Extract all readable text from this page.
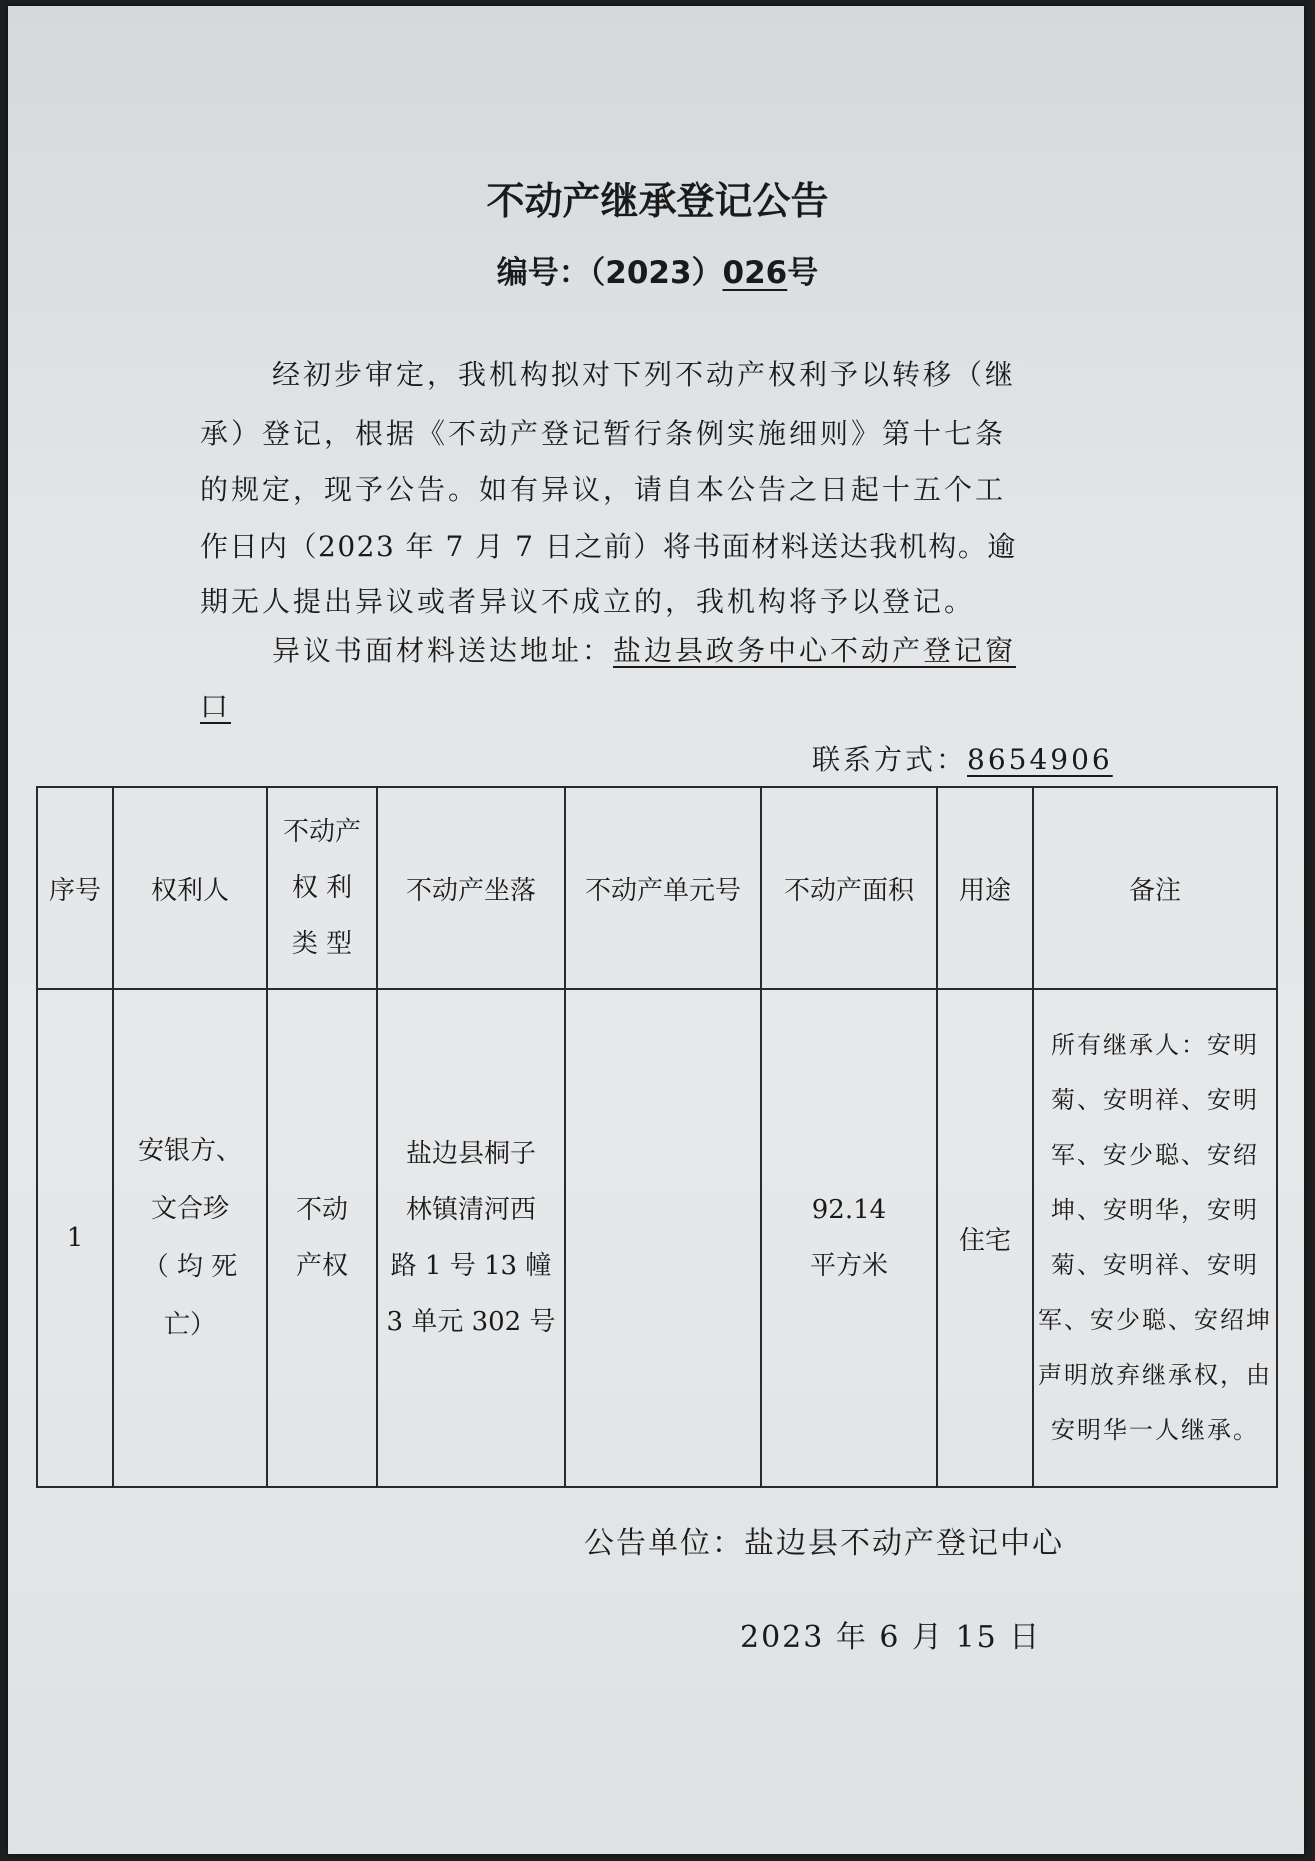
不动产继承登记公告
编号：（2023）026号
经初步审定，我机构拟对下列不动产权利予以转移（继
承）登记，根据《不动产登记暂行条例实施细则》第十七条
的规定，现予公告。如有异议，请自本公告之日起十五个工
作日内（2023 年 7 月 7 日之前）将书面材料送达我机构。逾
期无人提出异议或者异议不成立的，我机构将予以登记。
异议书面材料送达地址：盐边县政务中心不动产登记窗
口
联系方式：8654906
序号	权利人	不动产
权 利
类 型	不动产坐落	不动产单元号	不动产面积	用途	备注
1	安银方、
文合珍
（ 均 死
亡）	不动
产权	盐边县桐子
林镇清河西
路 1 号 13 幢
3 单元 302 号		92.14
平方米	住宅	所有继承人：安明菊、安明祥、安明军、安少聪、安绍坤、安明华，安明菊、安明祥、安明军、安少聪、安绍坤声明放弃继承权，由安明华一人继承。
公告单位：盐边县不动产登记中心
2023 年 6 月 15 日
